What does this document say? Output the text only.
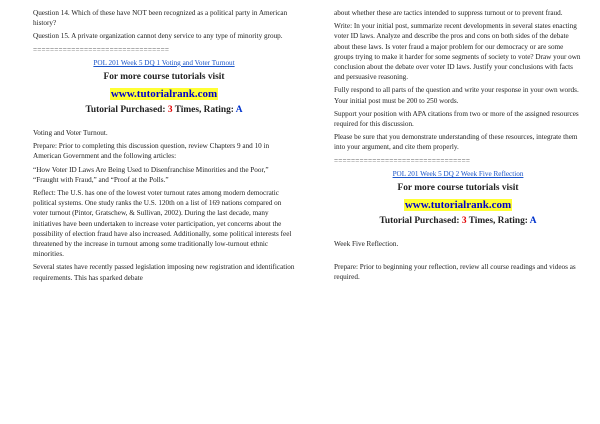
Question 14. Which of these have NOT been recognized as a political party in American history?

Question 15. A private organization cannot deny service to any type of minority group.

================================

POL 201 Week 5 DQ 1 Voting and Voter Turnout

For more course tutorials visit

www.tutorialrank.com

Tutorial Purchased: 3 Times, Rating: A

Voting and Voter Turnout.

Prepare: Prior to completing this discussion question, review Chapters 9 and 10 in American Government and the following articles:

“How Voter ID Laws Are Being Used to Disenfranchise Minorities and the Poor,” “Fraught with Fraud,” and “Proof at the Polls.”

Reflect: The U.S. has one of the lowest voter turnout rates among modern democratic political systems. One study ranks the U.S. 120th on a list of 169 nations compared on voter turnout (Pintor, Gratschew, & Sullivan, 2002). During the last decade, many initiatives have been undertaken to increase voter participation, yet concerns about the possibility of election fraud have also increased. Additionally, some political interests feel threatened by the increase in turnout among some traditionally low-turnout ethnic minorities.

Several states have recently passed legislation imposing new registration and identification requirements. This has sparked debate

about whether these are tactics intended to suppress turnout or to prevent fraud.

Write: In your initial post, summarize recent developments in several states enacting voter ID laws. Analyze and describe the pros and cons on both sides of the debate about these laws. Is voter fraud a major problem for our democracy or are some groups trying to make it harder for some segments of society to vote? Draw your own conclusion about the debate over voter ID laws. Justify your conclusions with facts and persuasive reasoning.

Fully respond to all parts of the question and write your response in your own words. Your initial post must be 200 to 250 words.

Support your position with APA citations from two or more of the assigned resources required for this discussion.

Please be sure that you demonstrate understanding of these resources, integrate them into your argument, and cite them properly.

================================

POL 201 Week 5 DQ 2 Week Five Reflection

For more course tutorials visit

www.tutorialrank.com

Tutorial Purchased: 3 Times, Rating: A

Week Five Reflection.

Prepare: Prior to beginning your reflection, review all course readings and videos as required.
